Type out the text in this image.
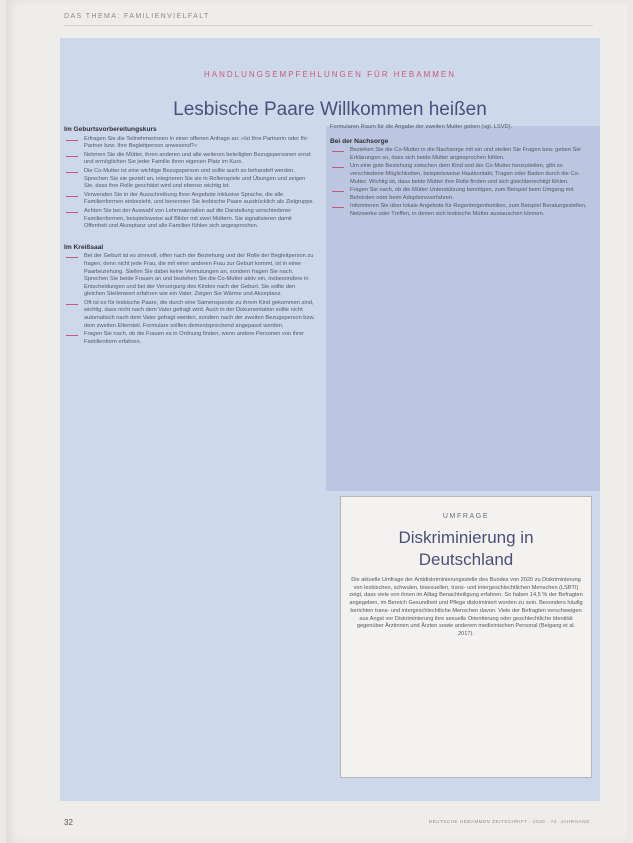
DAS THEMA: FAMILIENVIELFALT
HANDLUNGSEMPFEHLUNGEN FÜR HEBAMMEN
Lesbische Paare Willkommen heißen
Im Geburtsvorbereitungskurs
Erfragen Sie die Teilnehmerinnen in einer offenen Anfrage an: »Ist Ihre Partnerin oder Ihr Partner bzw. Ihre Begleitperson anwesend?«
Nehmen Sie die Mütter, ihren anderen und alle weiteren beteiligten Bezugspersonen ernst und ermöglichen Sie jeder Familie ihren eigenen Platz im Kurs.
Die Co-Mutter ist eine wichtige Bezugsperson und sollte auch so behandelt werden. Sprechen Sie sie gezielt an, integrieren Sie sie in Rollenspiele und Übungen und zeigen Sie, dass ihre Rolle geschätzt wird und ebenso wichtig ist.
Verwenden Sie in der Ausschreibung Ihrer Angebote inklusive Sprache, die alle Familienformen einbezieht, und benennen Sie lesbische Paare ausdrücklich als Zielgruppe.
Achten Sie bei der Auswahl von Lehrmaterialien auf die Darstellung verschiedener Familienformen, beispielsweise auf Bilder mit zwei Müttern. Sie signalisieren damit Offenheit und Akzeptanz und alle Familien fühlen sich angesprochen.
Im Kreißsaal
Bei der Geburt ist es sinnvoll, offen nach der Beziehung und der Rolle der Begleitperson zu fragen, denn nicht jede Frau, die mit einer anderen Frau zur Geburt kommt, ist in einer Paarbeziehung. Stellen Sie dabei keine Vermutungen an, sondern fragen Sie nach. Sprechen Sie beide Frauen an und beziehen Sie die Co-Mutter aktiv ein, insbesondere in Entscheidungen und bei der Versorgung des Kindes nach der Geburt. Sie sollte den gleichen Stellenwert erfahren wie ein Vater. Zeigen Sie Wärme und Akzeptanz.
Oft ist es für lesbische Paare, die durch eine Samenspende zu ihrem Kind gekommen sind, wichtig, dass nicht nach dem Vater gefragt wird. Auch in der Dokumentation sollte nicht automatisch nach dem Vater gefragt werden, sondern nach der zweiten Bezugsperson bzw. dem zweiten Elternteil. Formulare sollten dementsprechend angepasst werden.
Fragen Sie nach, ob die Frauen es in Ordnung finden, wenn andere Personen von ihrer Familienform erfahren.

Formularen Raum für die Angabe der zweiten Mutter geben (vgl. LSVD).

Bei der Nachsorge
Beziehen Sie die Co-Mutter in die Nachsorge mit ein und stellen Sie Fragen bzw. geben Sie Erklärungen so, dass sich beide Mütter angesprochen fühlen.
Um eine gute Beziehung zwischen dem Kind und der Co-Mutter herzustellen, gibt es verschiedene Möglichkeiten, beispielsweise Hautkontakt, Tragen oder Baden durch die Co-Mutter. Wichtig ist, dass beide Mütter ihre Rolle finden und sich gleichberechtigt fühlen.
Fragen Sie nach, ob die Mütter Unterstützung benötigen, zum Beispiel beim Umgang mit Behörden oder beim Adoptionsverfahren.
Informieren Sie über lokale Angebote für Regenbogenfamilien, zum Beispiel Beratungsstellen, Netzwerke oder Treffen, in denen sich lesbische Mütter austauschen können.
UMFRAGE
Diskriminierung in Deutschland
Die aktuelle Umfrage der Antidiskriminierungsstelle des Bundes von 2020 zu Diskriminierung von lesbischen, schwulen, bisexuellen, trans- und intergeschlechtlichen Menschen (LSBTI) zeigt, dass viele von ihnen im Alltag Benachteiligung erfahren. So haben 14,5 % der Befragten angegeben, im Bereich Gesundheit und Pflege diskriminiert worden zu sein. Besonders häufig berichten trans- und intergeschlechtliche Menschen davon. Viele der Befragten verschweigen aus Angst vor Diskriminierung ihre sexuelle Orientierung oder geschlechtliche Identität gegenüber Ärztinnen und Ärzten sowie anderem medizinischen Personal (Beigang et al. 2017).
32	DEUTSCHE HEBAMMEN ZEITSCHRIFT · 2020 · 72. JAHRGANG
